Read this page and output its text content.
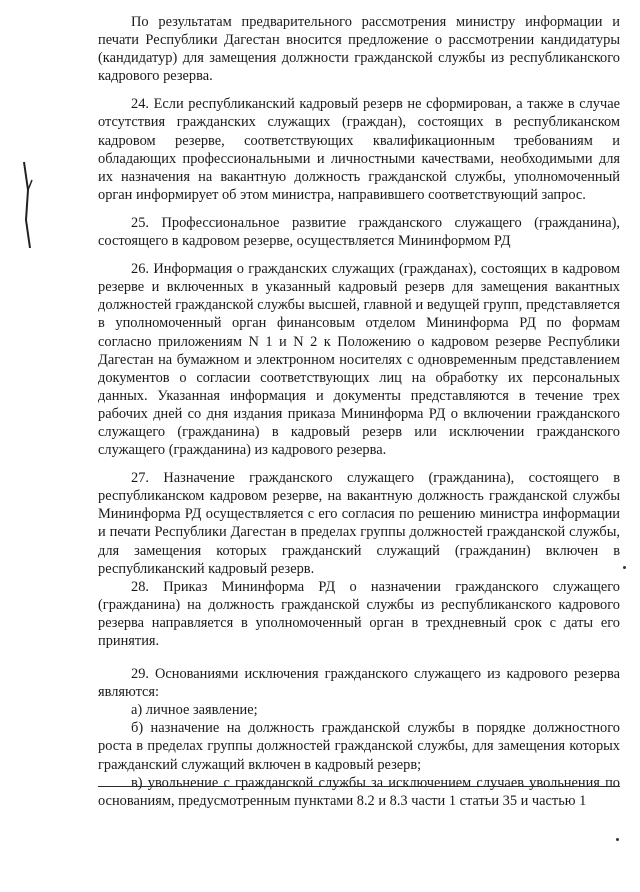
По результатам предварительного рассмотрения министру информации и печати Республики Дагестан вносится предложение о рассмотрении кандидатуры (кандидатур) для замещения должности гражданской службы из республиканского кадрового резерва.

24. Если республиканский кадровый резерв не сформирован, а также в случае отсутствия гражданских служащих (граждан), состоящих в республиканском кадровом резерве, соответствующих квалификационным требованиям и обладающих профессиональными и личностными качествами, необходимыми для их назначения на вакантную должность гражданской службы, уполномоченный орган информирует об этом министра, направившего соответствующий запрос.

25. Профессиональное развитие гражданского служащего (гражданина), состоящего в кадровом резерве, осуществляется Мининформом РД

26. Информация о гражданских служащих (гражданах), состоящих в кадровом резерве и включенных в указанный кадровый резерв для замещения вакантных должностей гражданской службы высшей, главной и ведущей групп, представляется в уполномоченный орган финансовым отделом Мининформа РД по формам согласно приложениям N 1 и N 2 к Положению о кадровом резерве Республики Дагестан на бумажном и электронном носителях с одновременным представлением документов о согласии соответствующих лиц на обработку их персональных данных. Указанная информация и документы представляются в течение трех рабочих дней со дня издания приказа Мининформа РД о включении гражданского служащего (гражданина) в кадровый резерв или исключении гражданского служащего (гражданина) из кадрового резерва.

27. Назначение гражданского служащего (гражданина), состоящего в республиканском кадровом резерве, на вакантную должность гражданской службы Мининформа РД осуществляется с его согласия по решению министра информации и печати Республики Дагестан в пределах группы должностей гражданской службы, для замещения которых гражданский служащий (гражданин) включен в республиканский кадровый резерв.

28. Приказ Мининформа РД о назначении гражданского служащего (гражданина) на должность гражданской службы из республиканского кадрового резерва направляется в уполномоченный орган в трехдневный срок с даты его принятия.

29. Основаниями исключения гражданского служащего из кадрового резерва являются:

а) личное заявление;

б) назначение на должность гражданской службы в порядке должностного роста в пределах группы должностей гражданской службы, для замещения которых гражданский служащий включен в кадровый резерв;

в) увольнение с гражданской службы за исключением случаев увольнения по основаниям, предусмотренным пунктами 8.2 и 8.3 части 1 статьи 35 и частью 1
